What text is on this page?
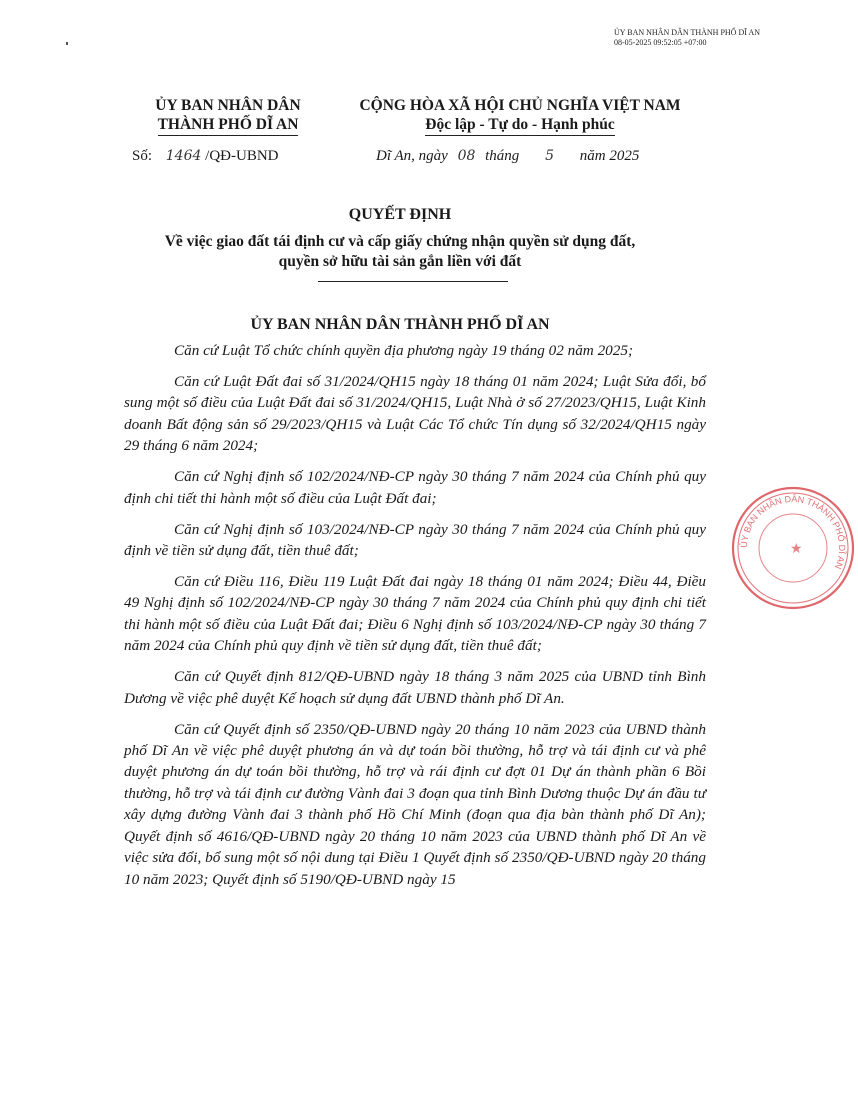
ỦY BAN NHÂN DÂN THÀNH PHỐ DĨ AN
08-05-2025 09:52:05 +07:00
ỦY BAN NHÂN DÂN
THÀNH PHỐ DĨ AN
CỘNG HÒA XÃ HỘI CHỦ NGHĨA VIỆT NAM
Độc lập - Tự do - Hạnh phúc
Số: 1464 /QĐ-UBND	Dĩ An, ngày 08 tháng 5 năm 2025
QUYẾT ĐỊNH
Về việc giao đất tái định cư và cấp giấy chứng nhận quyền sử dụng đất,
quyền sở hữu tài sản gắn liền với đất
ỦY BAN NHÂN DÂN THÀNH PHỐ DĨ AN

Căn cứ Luật Tổ chức chính quyền địa phương ngày 19 tháng 02 năm 2025;

Căn cứ Luật Đất đai số 31/2024/QH15 ngày 18 tháng 01 năm 2024; Luật Sửa đổi, bổ sung một số điều của Luật Đất đai số 31/2024/QH15, Luật Nhà ở số 27/2023/QH15, Luật Kinh doanh Bất động sản số 29/2023/QH15 và Luật Các Tổ chức Tín dụng số 32/2024/QH15 ngày 29 tháng 6 năm 2024;

Căn cứ Nghị định số 102/2024/NĐ-CP ngày 30 tháng 7 năm 2024 của Chính phủ quy định chi tiết thi hành một số điều của Luật Đất đai;

Căn cứ Nghị định số 103/2024/NĐ-CP ngày 30 tháng 7 năm 2024 của Chính phủ quy định về tiền sử dụng đất, tiền thuê đất;

Căn cứ Điều 116, Điều 119 Luật Đất đai ngày 18 tháng 01 năm 2024; Điều 44, Điều 49 Nghị định số 102/2024/NĐ-CP ngày 30 tháng 7 năm 2024 của Chính phủ quy định chi tiết thi hành một số điều của Luật Đất đai; Điều 6 Nghị định số 103/2024/NĐ-CP ngày 30 tháng 7 năm 2024 của Chính phủ quy định về tiền sử dụng đất, tiền thuê đất;

Căn cứ Quyết định 812/QĐ-UBND ngày 18 tháng 3 năm 2025 của UBND tỉnh Bình Dương về việc phê duyệt Kế hoạch sử dụng đất UBND thành phố Dĩ An.

Căn cứ Quyết định số 2350/QĐ-UBND ngày 20 tháng 10 năm 2023 của UBND thành phố Dĩ An về việc phê duyệt phương án và dự toán bồi thường, hỗ trợ và tái định cư và phê duyệt phương án dự toán bồi thường, hỗ trợ và rái định cư đợt 01 Dự án thành phần 6 Bồi thường, hỗ trợ và tái định cư đường Vành đai 3 đoạn qua tỉnh Bình Dương thuộc Dự án đầu tư xây dựng đường Vành đai 3 thành phố Hồ Chí Minh (đoạn qua địa bàn thành phố Dĩ An); Quyết định số 4616/QĐ-UBND ngày 20 tháng 10 năm 2023 của UBND thành phố Dĩ An về việc sửa đổi, bổ sung một số nội dung tại Điều 1 Quyết định số 2350/QĐ-UBND ngày 20 tháng 10 năm 2023; Quyết định số 5190/QĐ-UBND ngày 15

ỦY BAN NHÂN DÂN THÀNH PHỐ DĨ AN
★
